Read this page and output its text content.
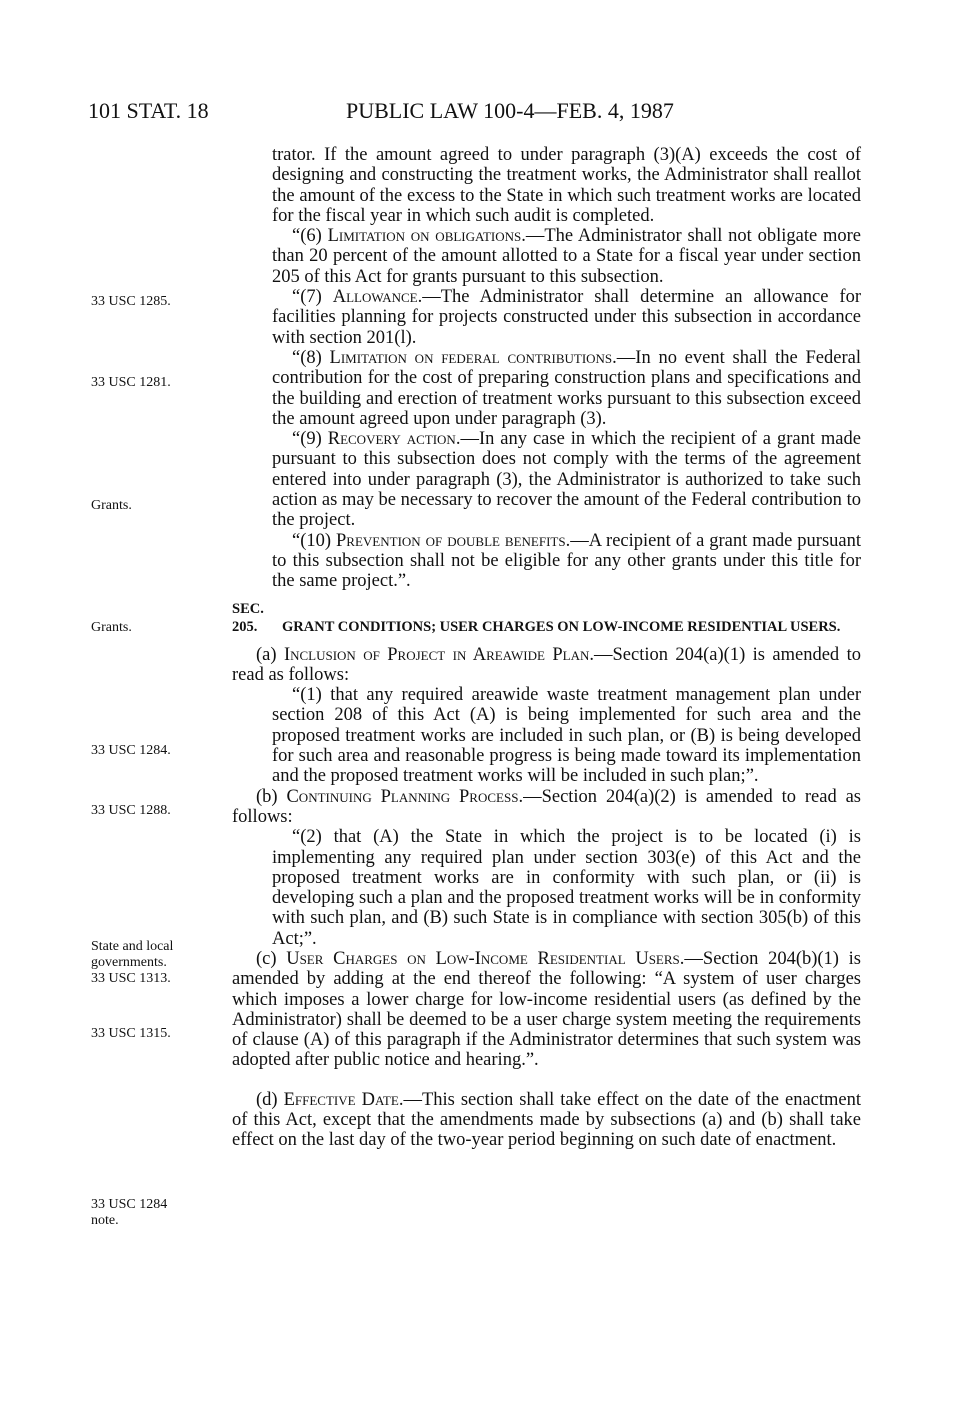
101 STAT. 18	PUBLIC LAW 100-4—FEB. 4, 1987
33 USC 1285.
33 USC 1281.
Grants.
Grants.
33 USC 1284.
33 USC 1288.
State and local
governments.
33 USC 1313.
33 USC 1315.
33 USC 1284
note.

trator. If the amount agreed to under paragraph (3)(A) exceeds the cost of designing and constructing the treatment works, the Administrator shall reallot the amount of the excess to the State in which such treatment works are located for the fiscal year in which such audit is completed.

“(6) Limitation on obligations.—The Administrator shall not obligate more than 20 percent of the amount allotted to a State for a fiscal year under section 205 of this Act for grants pursuant to this subsection.

“(7) Allowance.—The Administrator shall determine an allowance for facilities planning for projects constructed under this subsection in accordance with section 201(l).

“(8) Limitation on federal contributions.—In no event shall the Federal contribution for the cost of preparing construction plans and specifications and the building and erection of treatment works pursuant to this subsection exceed the amount agreed upon under paragraph (3).

“(9) Recovery action.—In any case in which the recipient of a grant made pursuant to this subsection does not comply with the terms of the agreement entered into under paragraph (3), the Administrator is authorized to take such action as may be necessary to recover the amount of the Federal contribution to the project.

“(10) Prevention of double benefits.—A recipient of a grant made pursuant to this subsection shall not be eligible for any other grants under this title for the same project.”.

SEC. 205. GRANT CONDITIONS; USER CHARGES ON LOW-INCOME RESIDENTIAL USERS.

(a) Inclusion of Project in Areawide Plan.—Section 204(a)(1) is amended to read as follows:

“(1) that any required areawide waste treatment management plan under section 208 of this Act (A) is being implemented for such area and the proposed treatment works are included in such plan, or (B) is being developed for such area and reasonable progress is being made toward its implementation and the proposed treatment works will be included in such plan;”.

(b) Continuing Planning Process.—Section 204(a)(2) is amended to read as follows:

“(2) that (A) the State in which the project is to be located (i) is implementing any required plan under section 303(e) of this Act and the proposed treatment works are in conformity with such plan, or (ii) is developing such a plan and the proposed treatment works will be in conformity with such plan, and (B) such State is in compliance with section 305(b) of this Act;”.

(c) User Charges on Low-Income Residential Users.—Section 204(b)(1) is amended by adding at the end thereof the following: “A system of user charges which imposes a lower charge for low-income residential users (as defined by the Administrator) shall be deemed to be a user charge system meeting the requirements of clause (A) of this paragraph if the Administrator determines that such system was adopted after public notice and hearing.”.

(d) Effective Date.—This section shall take effect on the date of the enactment of this Act, except that the amendments made by subsections (a) and (b) shall take effect on the last day of the two-year period beginning on such date of enactment.
